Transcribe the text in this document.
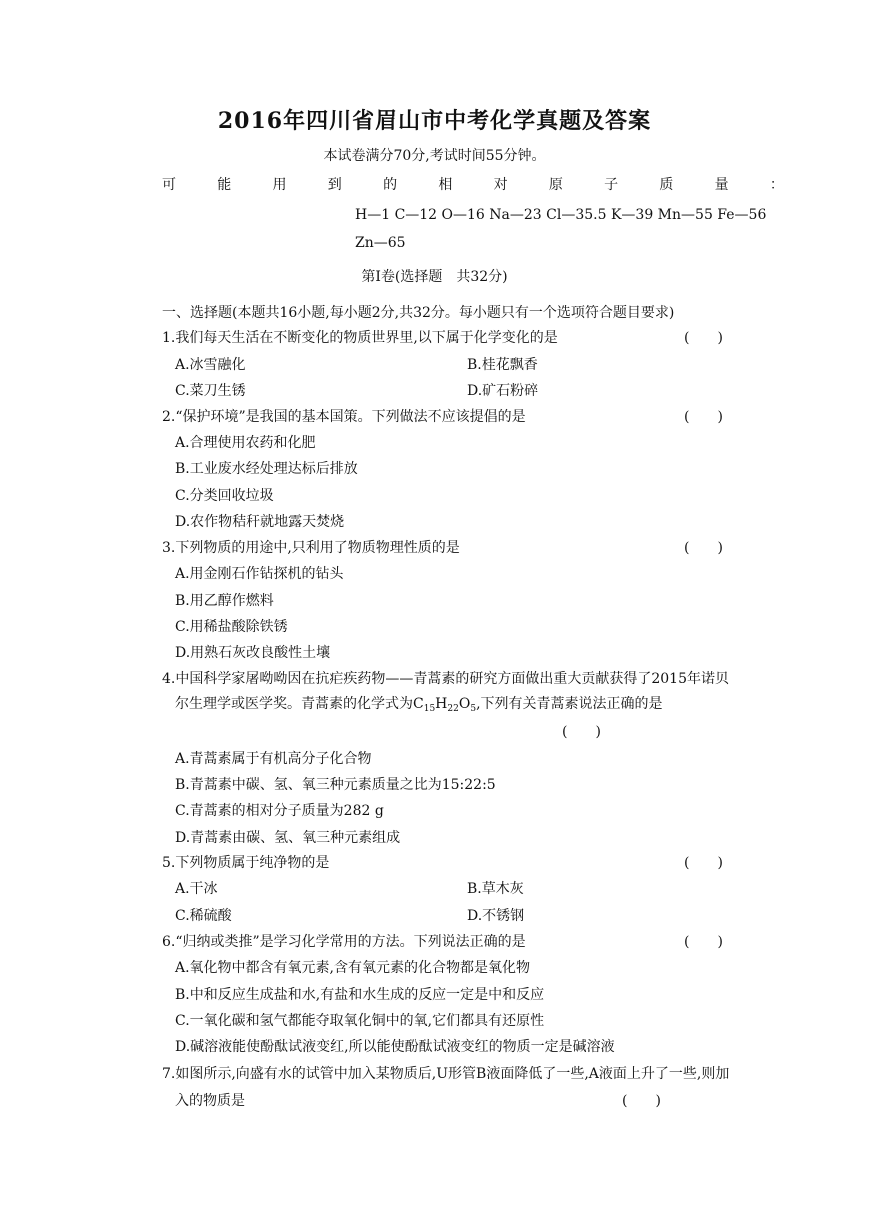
2016年四川省眉山市中考化学真题及答案
本试卷满分70分,考试时间55分钟。
可	能	用	到	的	相	对	原	子	质	量	：
H—1 C—12 O—16 Na—23 Cl—35.5 K—39 Mn—55 Fe—56
Zn—65
第Ⅰ卷(选择题　共32分)
一、选择题(本题共16小题,每小题2分,共32分。每小题只有一个选项符合题目要求)
1.我们每天生活在不断变化的物质世界里,以下属于化学变化的是	(　　)
A.冰雪融化	B.桂花飘香
C.菜刀生锈	D.矿石粉碎
2.“保护环境”是我国的基本国策。下列做法不应该提倡的是	(　　)
A.合理使用农药和化肥
B.工业废水经处理达标后排放
C.分类回收垃圾
D.农作物秸秆就地露天焚烧
3.下列物质的用途中,只利用了物质物理性质的是	(　　)
A.用金刚石作钻探机的钻头
B.用乙醇作燃料
C.用稀盐酸除铁锈
D.用熟石灰改良酸性土壤
4.中国科学家屠呦呦因在抗疟疾药物——青蒿素的研究方面做出重大贡献获得了2015年诺贝
尔生理学或医学奖。青蒿素的化学式为$C_{15}H_{22}O_5$,下列有关青蒿素说法正确的是
(　　)
A.青蒿素属于有机高分子化合物
B.青蒿素中碳、氢、氧三种元素质量之比为15:22:5
C.青蒿素的相对分子质量为282 g
D.青蒿素由碳、氢、氧三种元素组成
5.下列物质属于纯净物的是	(　　)
A.干冰	B.草木灰
C.稀硫酸	D.不锈钢
6.“归纳或类推”是学习化学常用的方法。下列说法正确的是	(　　)
A.氧化物中都含有氧元素,含有氧元素的化合物都是氧化物
B.中和反应生成盐和水,有盐和水生成的反应一定是中和反应
C.一氧化碳和氢气都能夺取氧化铜中的氧,它们都具有还原性
D.碱溶液能使酚酞试液变红,所以能使酚酞试液变红的物质一定是碱溶液
7.如图所示,向盛有水的试管中加入某物质后,U形管B液面降低了一些,A液面上升了一些,则加
入的物质是	(　　)
